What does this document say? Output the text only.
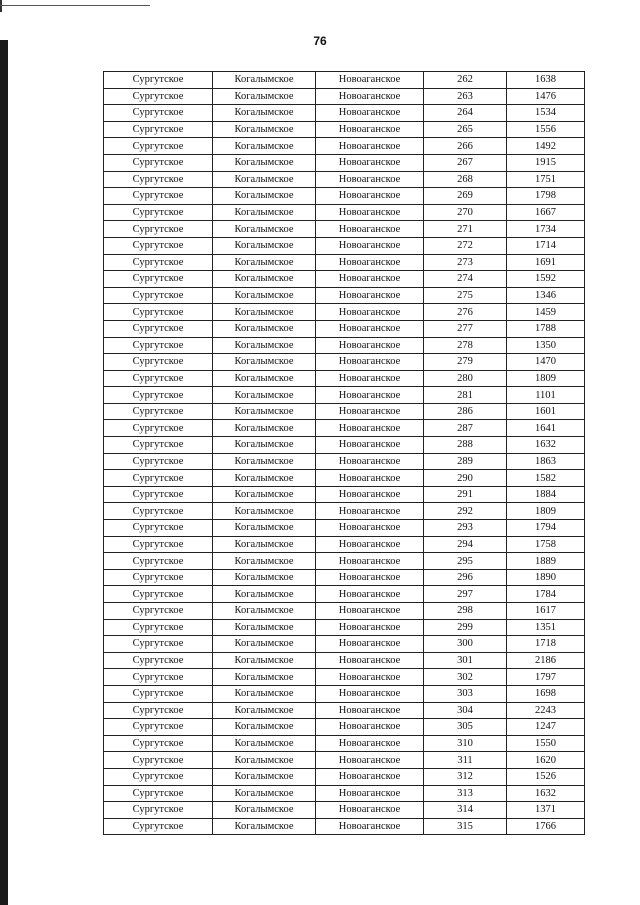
76
Сургутское	Когалымское	Новоаганское	262	1638
Сургутское	Когалымское	Новоаганское	263	1476
Сургутское	Когалымское	Новоаганское	264	1534
Сургутское	Когалымское	Новоаганское	265	1556
Сургутское	Когалымское	Новоаганское	266	1492
Сургутское	Когалымское	Новоаганское	267	1915
Сургутское	Когалымское	Новоаганское	268	1751
Сургутское	Когалымское	Новоаганское	269	1798
Сургутское	Когалымское	Новоаганское	270	1667
Сургутское	Когалымское	Новоаганское	271	1734
Сургутское	Когалымское	Новоаганское	272	1714
Сургутское	Когалымское	Новоаганское	273	1691
Сургутское	Когалымское	Новоаганское	274	1592
Сургутское	Когалымское	Новоаганское	275	1346
Сургутское	Когалымское	Новоаганское	276	1459
Сургутское	Когалымское	Новоаганское	277	1788
Сургутское	Когалымское	Новоаганское	278	1350
Сургутское	Когалымское	Новоаганское	279	1470
Сургутское	Когалымское	Новоаганское	280	1809
Сургутское	Когалымское	Новоаганское	281	1101
Сургутское	Когалымское	Новоаганское	286	1601
Сургутское	Когалымское	Новоаганское	287	1641
Сургутское	Когалымское	Новоаганское	288	1632
Сургутское	Когалымское	Новоаганское	289	1863
Сургутское	Когалымское	Новоаганское	290	1582
Сургутское	Когалымское	Новоаганское	291	1884
Сургутское	Когалымское	Новоаганское	292	1809
Сургутское	Когалымское	Новоаганское	293	1794
Сургутское	Когалымское	Новоаганское	294	1758
Сургутское	Когалымское	Новоаганское	295	1889
Сургутское	Когалымское	Новоаганское	296	1890
Сургутское	Когалымское	Новоаганское	297	1784
Сургутское	Когалымское	Новоаганское	298	1617
Сургутское	Когалымское	Новоаганское	299	1351
Сургутское	Когалымское	Новоаганское	300	1718
Сургутское	Когалымское	Новоаганское	301	2186
Сургутское	Когалымское	Новоаганское	302	1797
Сургутское	Когалымское	Новоаганское	303	1698
Сургутское	Когалымское	Новоаганское	304	2243
Сургутское	Когалымское	Новоаганское	305	1247
Сургутское	Когалымское	Новоаганское	310	1550
Сургутское	Когалымское	Новоаганское	311	1620
Сургутское	Когалымское	Новоаганское	312	1526
Сургутское	Когалымское	Новоаганское	313	1632
Сургутское	Когалымское	Новоаганское	314	1371
Сургутское	Когалымское	Новоаганское	315	1766
